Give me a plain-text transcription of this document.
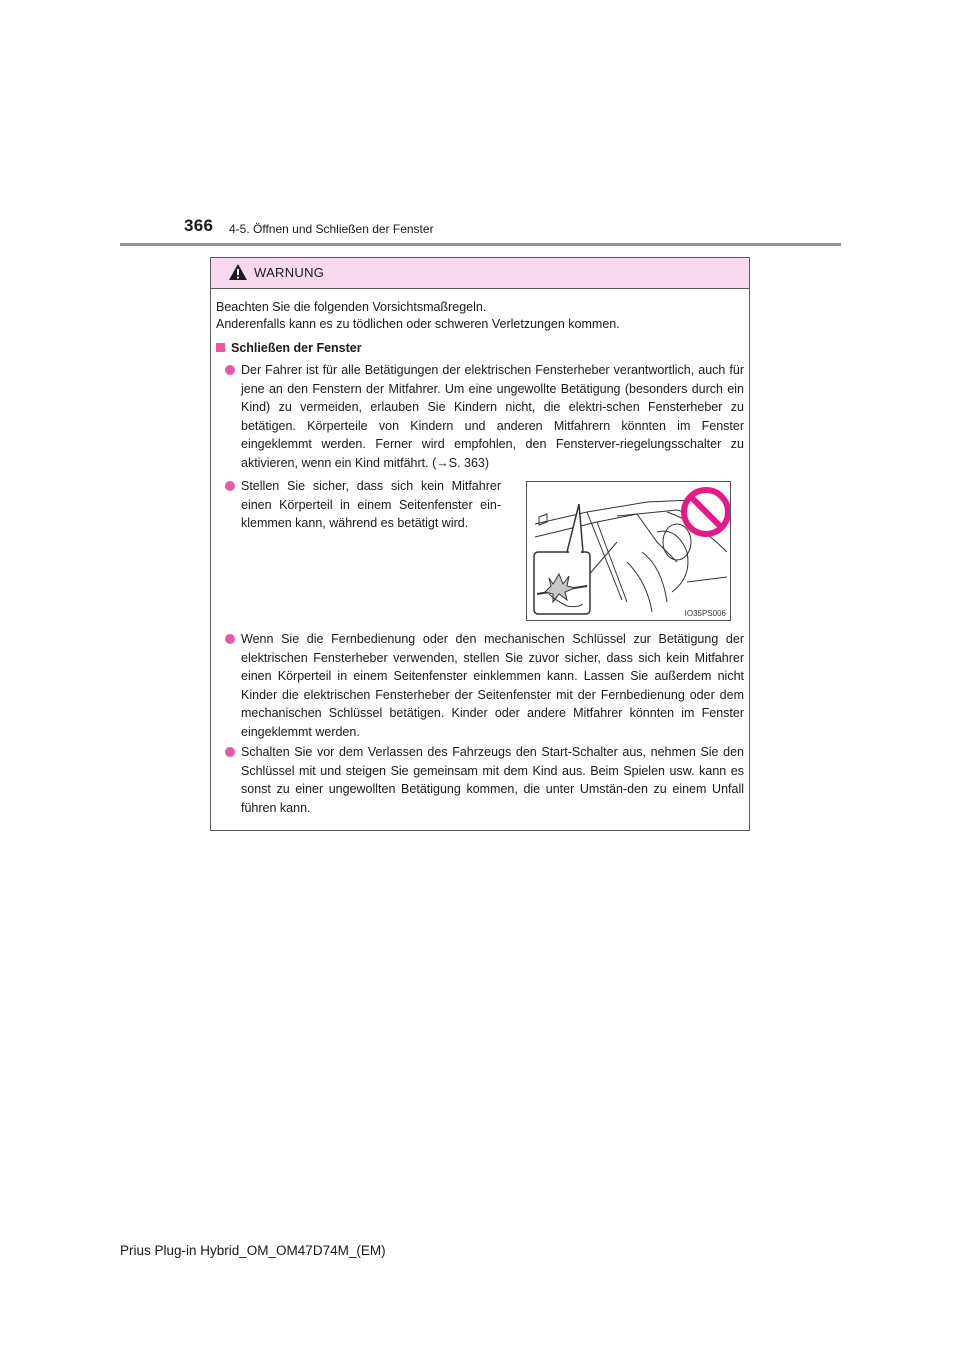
366 4-5. Öffnen und Schließen der Fenster
WARNUNG
Beachten Sie die folgenden Vorsichtsmaßregeln.
Anderenfalls kann es zu tödlichen oder schweren Verletzungen kommen.
Schließen der Fenster
Der Fahrer ist für alle Betätigungen der elektrischen Fensterheber verantwortlich, auch für jene an den Fenstern der Mitfahrer. Um eine ungewollte Betätigung (besonders durch ein Kind) zu vermeiden, erlauben Sie Kindern nicht, die elektri-schen Fensterheber zu betätigen. Körperteile von Kindern und anderen Mitfahrern könnten im Fenster eingeklemmt werden. Ferner wird empfohlen, den Fensterver-riegelungsschalter zu aktivieren, wenn ein Kind mitfährt. (→S. 363)
Stellen Sie sicher, dass sich kein Mitfahrer einen Körperteil in einem Seitenfenster ein-klemmen kann, während es betätigt wird.
IO35PS006
Wenn Sie die Fernbedienung oder den mechanischen Schlüssel zur Betätigung der elektrischen Fensterheber verwenden, stellen Sie zuvor sicher, dass sich kein Mitfahrer einen Körperteil in einem Seitenfenster einklemmen kann. Lassen Sie außerdem nicht Kinder die elektrischen Fensterheber der Seitenfenster mit der Fernbedienung oder dem mechanischen Schlüssel betätigen. Kinder oder andere Mitfahrer könnten im Fenster eingeklemmt werden.
Schalten Sie vor dem Verlassen des Fahrzeugs den Start-Schalter aus, nehmen Sie den Schlüssel mit und steigen Sie gemeinsam mit dem Kind aus. Beim Spielen usw. kann es sonst zu einer ungewollten Betätigung kommen, die unter Umstän-den zu einem Unfall führen kann.
Prius Plug-in Hybrid_OM_OM47D74M_(EM)
